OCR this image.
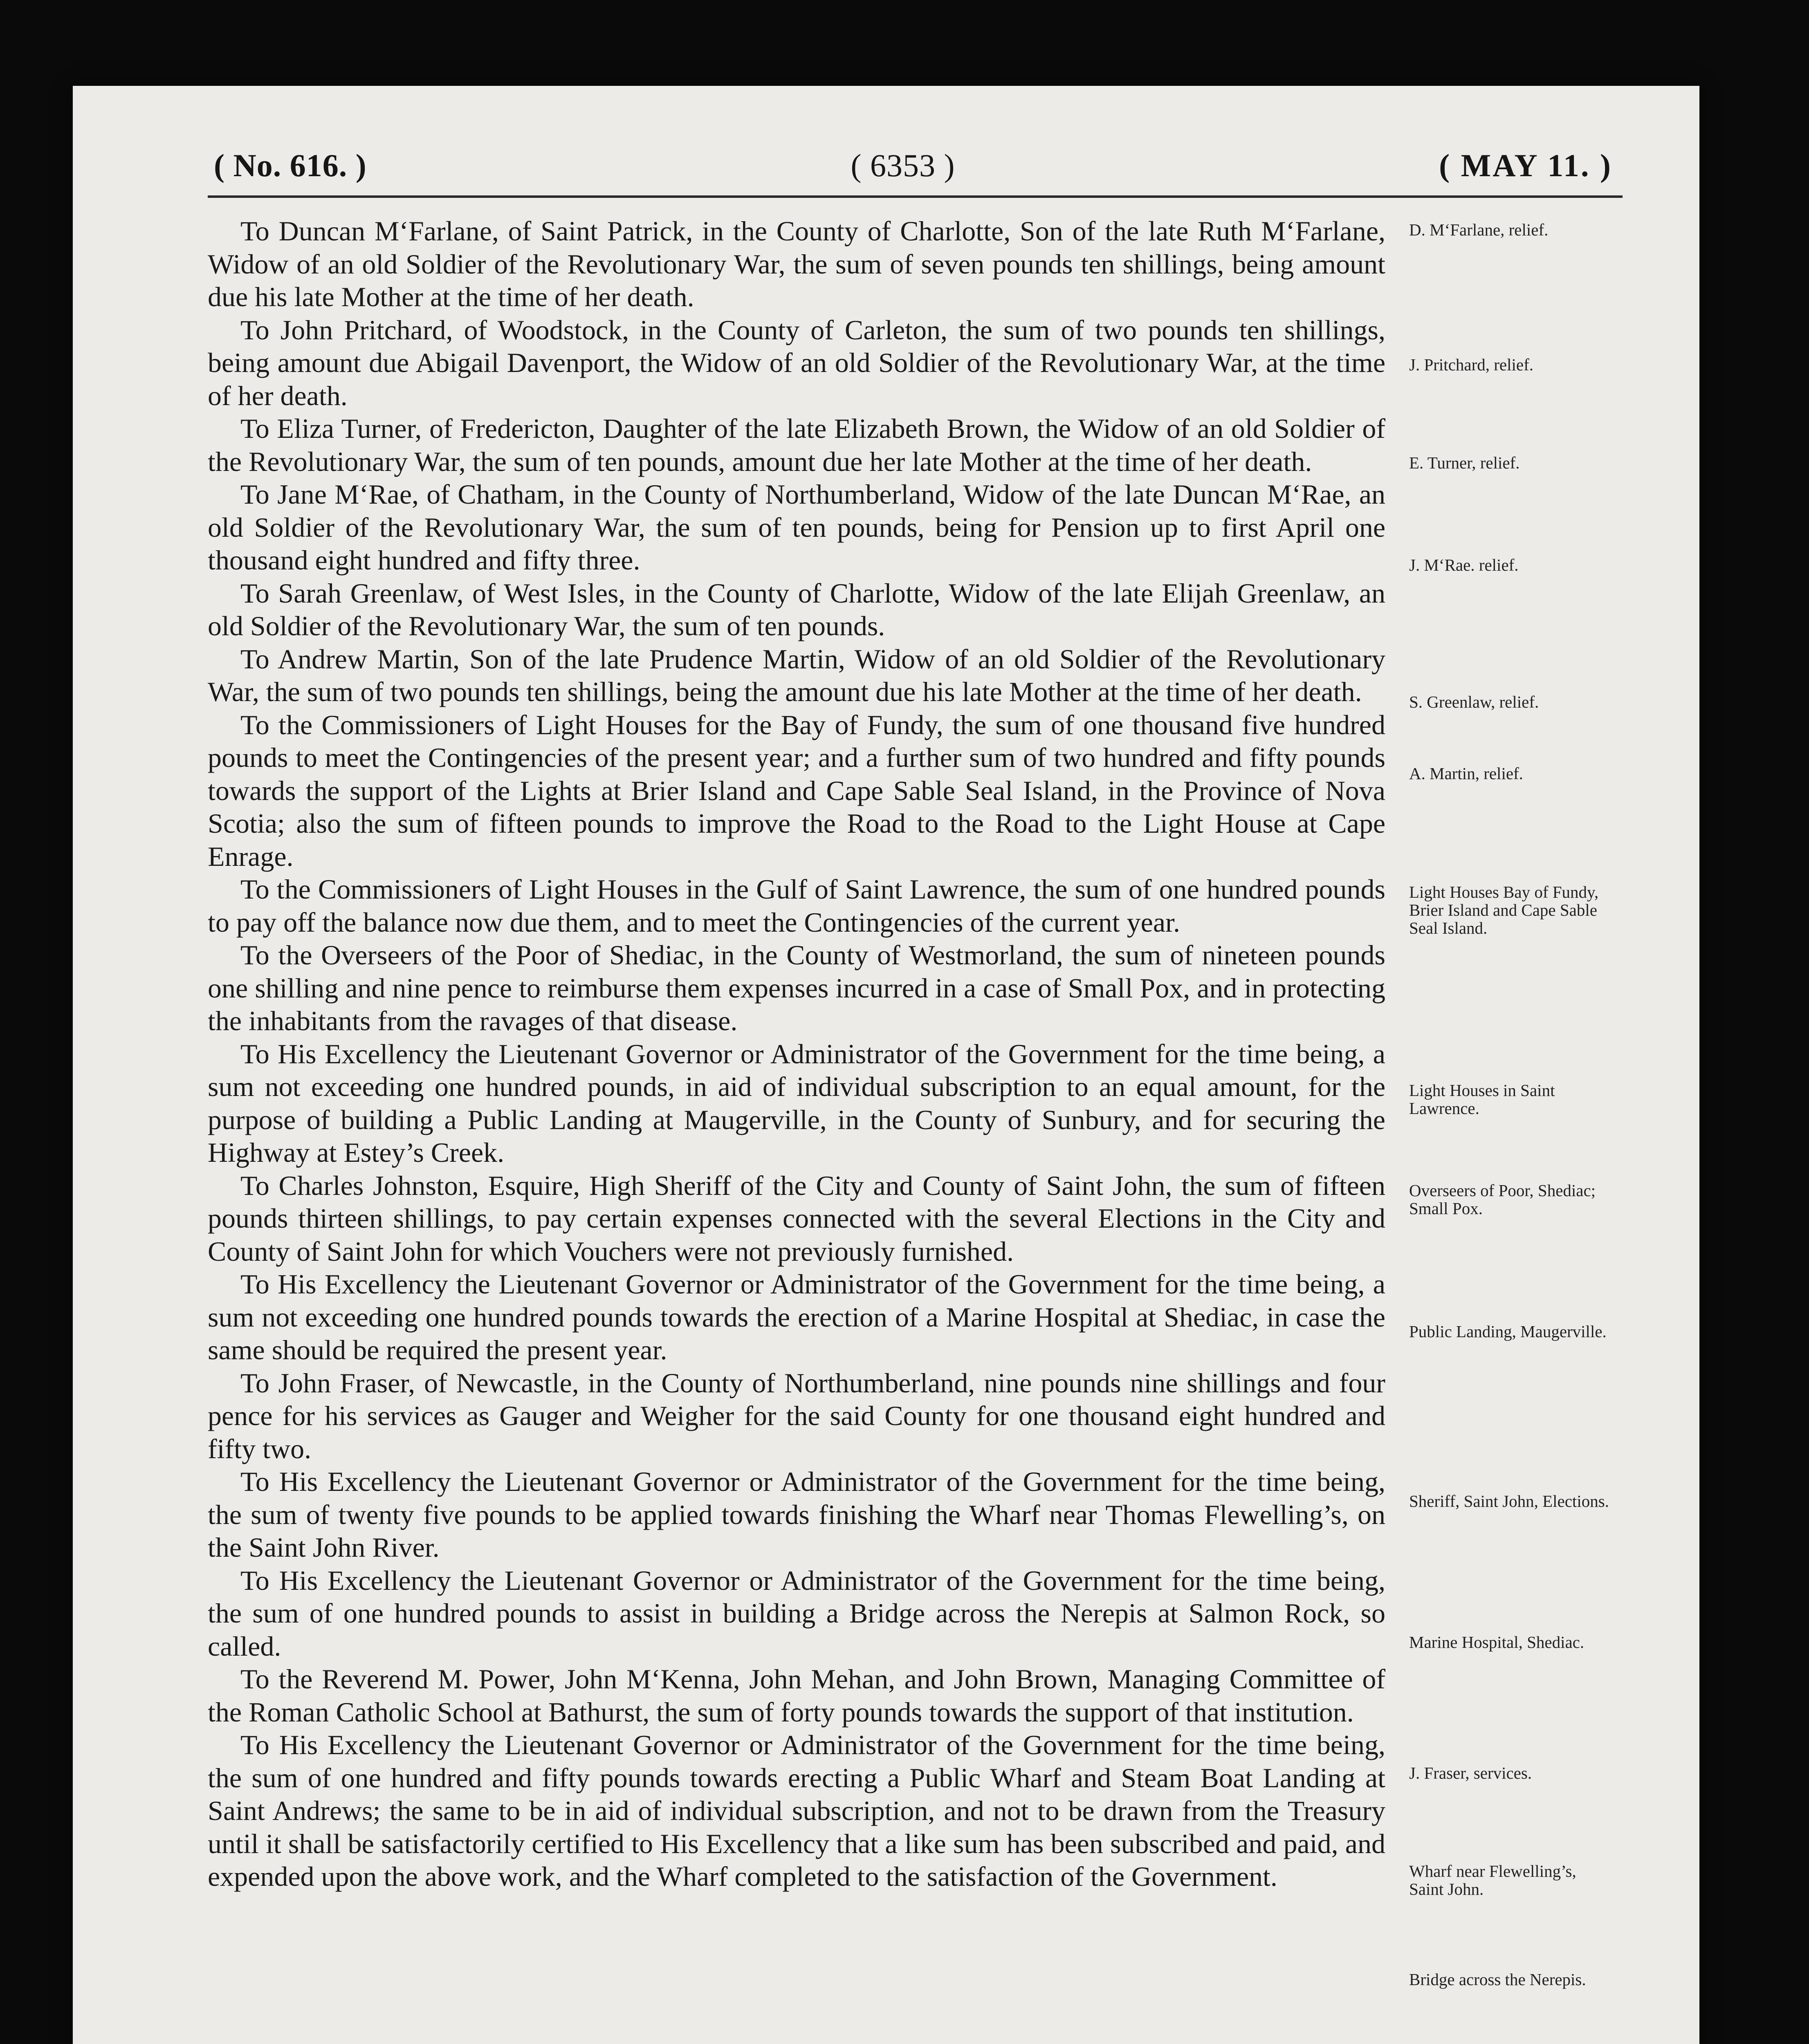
( No. 616. )	( 6353 )	( MAY 11. )

To Duncan M‘Farlane, of Saint Patrick, in the County of Charlotte, Son of the late Ruth M‘Farlane, Widow of an old Soldier of the Revolutionary War, the sum of seven pounds ten shillings, being amount due his late Mother at the time of her death.

To John Pritchard, of Woodstock, in the County of Carleton, the sum of two pounds ten shillings, being amount due Abigail Davenport, the Widow of an old Soldier of the Revolutionary War, at the time of her death.

To Eliza Turner, of Fredericton, Daughter of the late Elizabeth Brown, the Widow of an old Soldier of the Revolutionary War, the sum of ten pounds, amount due her late Mother at the time of her death.

To Jane M‘Rae, of Chatham, in the County of Northumberland, Widow of the late Duncan M‘Rae, an old Soldier of the Revolutionary War, the sum of ten pounds, being for Pension up to first April one thousand eight hundred and fifty three.

To Sarah Greenlaw, of West Isles, in the County of Charlotte, Widow of the late Elijah Greenlaw, an old Soldier of the Revolutionary War, the sum of ten pounds.

To Andrew Martin, Son of the late Prudence Martin, Widow of an old Soldier of the Revolutionary War, the sum of two pounds ten shillings, being the amount due his late Mother at the time of her death.

To the Commissioners of Light Houses for the Bay of Fundy, the sum of one thousand five hundred pounds to meet the Contingencies of the present year; and a further sum of two hundred and fifty pounds towards the support of the Lights at Brier Island and Cape Sable Seal Island, in the Province of Nova Scotia; also the sum of fifteen pounds to improve the Road to the Road to the Light House at Cape Enrage.

To the Commissioners of Light Houses in the Gulf of Saint Lawrence, the sum of one hundred pounds to pay off the balance now due them, and to meet the Contingencies of the current year.

To the Overseers of the Poor of Shediac, in the County of Westmorland, the sum of nineteen pounds one shilling and nine pence to reimburse them expenses incurred in a case of Small Pox, and in protecting the inhabitants from the ravages of that disease.

To His Excellency the Lieutenant Governor or Administrator of the Government for the time being, a sum not exceeding one hundred pounds, in aid of individual subscription to an equal amount, for the purpose of building a Public Landing at Maugerville, in the County of Sunbury, and for securing the Highway at Estey’s Creek.

To Charles Johnston, Esquire, High Sheriff of the City and County of Saint John, the sum of fifteen pounds thirteen shillings, to pay certain expenses connected with the several Elections in the City and County of Saint John for which Vouchers were not previously furnished.

To His Excellency the Lieutenant Governor or Administrator of the Government for the time being, a sum not exceeding one hundred pounds towards the erection of a Marine Hospital at Shediac, in case the same should be required the present year.

To John Fraser, of Newcastle, in the County of Northumberland, nine pounds nine shillings and four pence for his services as Gauger and Weigher for the said County for one thousand eight hundred and fifty two.

To His Excellency the Lieutenant Governor or Administrator of the Government for the time being, the sum of twenty five pounds to be applied towards finishing the Wharf near Thomas Flewelling’s, on the Saint John River.

To His Excellency the Lieutenant Governor or Administrator of the Government for the time being, the sum of one hundred pounds to assist in building a Bridge across the Nerepis at Salmon Rock, so called.

To the Reverend M. Power, John M‘Kenna, John Mehan, and John Brown, Managing Committee of the Roman Catholic School at Bathurst, the sum of forty pounds towards the support of that institution.

To His Excellency the Lieutenant Governor or Administrator of the Government for the time being, the sum of one hundred and fifty pounds towards erecting a Public Wharf and Steam Boat Landing at Saint Andrews; the same to be in aid of individual subscription, and not to be drawn from the Treasury until it shall be satisfactorily certified to His Excellency that a like sum has been subscribed and paid, and expended upon the above work, and the Wharf completed to the satisfaction of the Government.

D. M‘Farlane, relief.
J. Pritchard, relief.
E. Turner, relief.
J. M‘Rae. relief.
S. Greenlaw, relief.
A. Martin, relief.
Light Houses Bay of Fundy, Brier Island and Cape Sable Seal Island.
Light Houses in Saint Lawrence.
Overseers of Poor, Shediac; Small Pox.
Public Landing, Maugerville.
Sheriff, Saint John, Elections.
Marine Hospital, Shediac.
J. Fraser, services.
Wharf near Flewelling’s, Saint John.
Bridge across the Nerepis.
